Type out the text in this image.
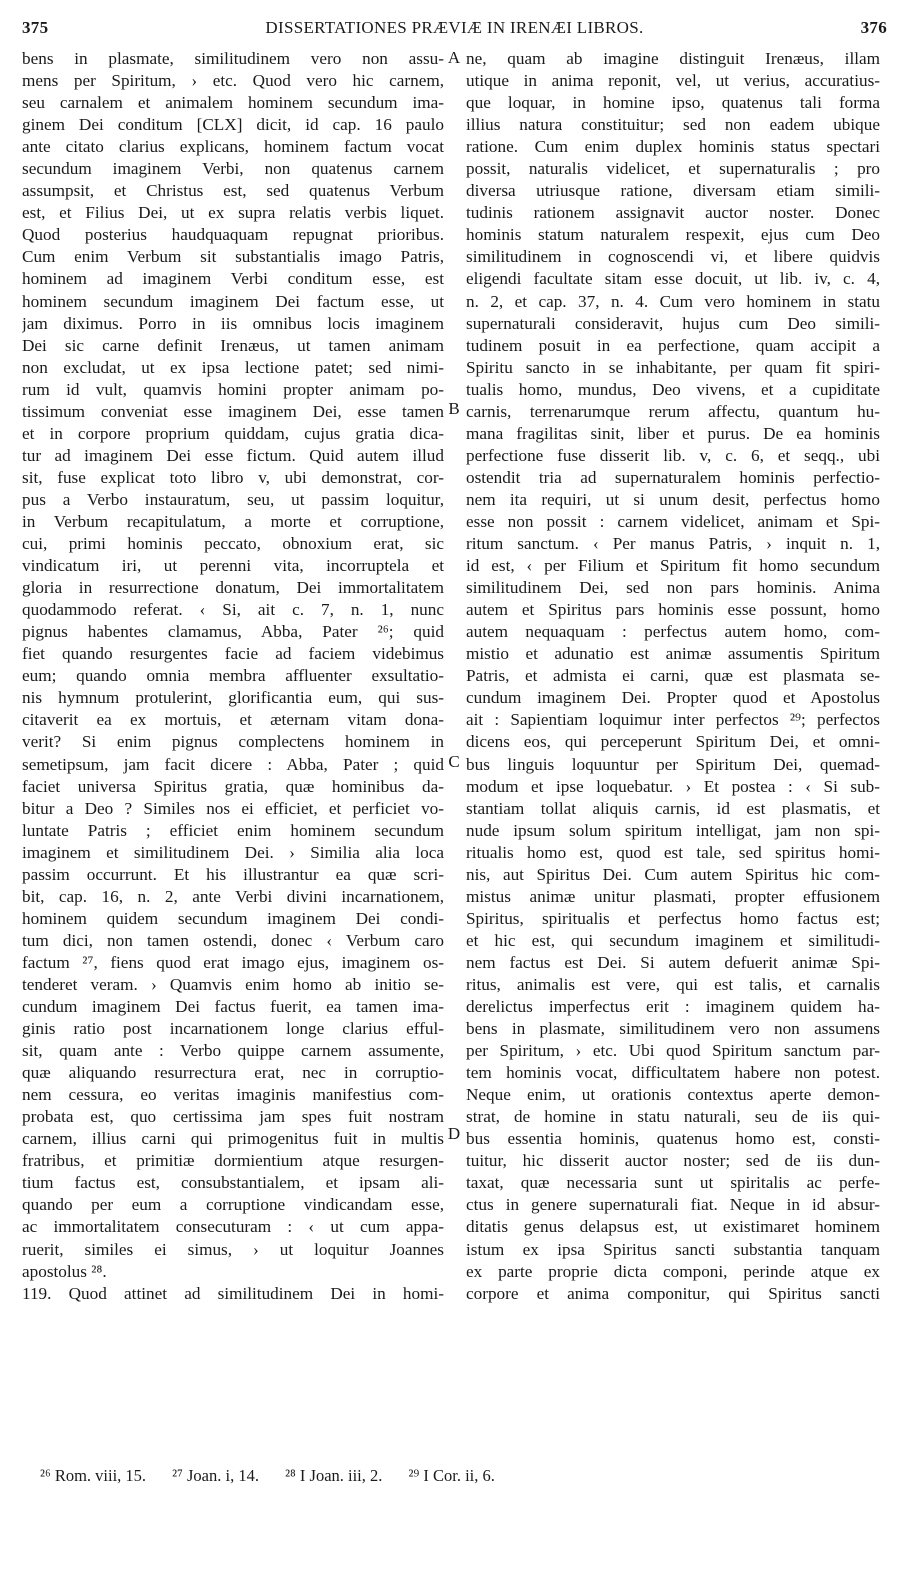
375	DISSERTATIONES PRÆVIÆ IN IRENÆI LIBROS.	376
bens in plasmate, similitudinem vero non assu-
mens per Spiritum, › etc. Quod vero hic carnem,
seu carnalem et animalem hominem secundum ima-
ginem Dei conditum [CLX] dicit, id cap. 16 paulo
ante citato clarius explicans, hominem factum vocat
secundum imaginem Verbi, non quatenus carnem
assumpsit, et Christus est, sed quatenus Verbum
est, et Filius Dei, ut ex supra relatis verbis liquet.
Quod posterius haudquaquam repugnat prioribus.
Cum enim Verbum sit substantialis imago Patris,
hominem ad imaginem Verbi conditum esse, est
hominem secundum imaginem Dei factum esse, ut
jam diximus. Porro in iis omnibus locis imaginem
Dei sic carne definit Irenæus, ut tamen animam
non excludat, ut ex ipsa lectione patet; sed nimi-
rum id vult, quamvis homini propter animam po-
tissimum conveniat esse imaginem Dei, esse tamen
et in corpore proprium quiddam, cujus gratia dica-
tur ad imaginem Dei esse fictum. Quid autem illud
sit, fuse explicat toto libro v, ubi demonstrat, cor-
pus a Verbo instauratum, seu, ut passim loquitur,
in Verbum recapitulatum, a morte et corruptione,
cui, primi hominis peccato, obnoxium erat, sic
vindicatum iri, ut perenni vita, incorruptela et
gloria in resurrectione donatum, Dei immortalitatem
quodammodo referat. ‹ Si, ait c. 7, n. 1, nunc
pignus habentes clamamus, Abba, Pater ²⁶; quid
fiet quando resurgentes facie ad faciem videbimus
eum; quando omnia membra affluenter exsultatio-
nis hymnum protulerint, glorificantia eum, qui sus-
citaverit ea ex mortuis, et æternam vitam dona-
verit? Si enim pignus complectens hominem in
semetipsum, jam facit dicere : Abba, Pater ; quid
faciet universa Spiritus gratia, quæ hominibus da-
bitur a Deo ? Similes nos ei efficiet, et perficiet vo-
luntate Patris ; efficiet enim hominem secundum
imaginem et similitudinem Dei. › Similia alia loca
passim occurrunt. Et his illustrantur ea quæ scri-
bit, cap. 16, n. 2, ante Verbi divini incarnationem,
hominem quidem secundum imaginem Dei condi-
tum dici, non tamen ostendi, donec ‹ Verbum caro
factum ²⁷, fiens quod erat imago ejus, imaginem os-
tenderet veram. › Quamvis enim homo ab initio se-
cundum imaginem Dei factus fuerit, ea tamen ima-
ginis ratio post incarnationem longe clarius efful-
sit, quam ante : Verbo quippe carnem assumente,
quæ aliquando resurrectura erat, nec in corruptio-
nem cessura, eo veritas imaginis manifestius com-
probata est, quo certissima jam spes fuit nostram
carnem, illius carni qui primogenitus fuit in multis
fratribus, et primitiæ dormientium atque resurgen-
tium factus est, consubstantialem, et ipsam ali-
quando per eum a corruptione vindicandam esse,
ac immortalitatem consecuturam : ‹ ut cum appa-
ruerit, similes ei simus, › ut loquitur Joannes
apostolus ²⁸.
119. Quod attinet ad similitudinem Dei in homi-
ne, quam ab imagine distinguit Irenæus, illam
utique in anima reponit, vel, ut verius, accuratius-
que loquar, in homine ipso, quatenus tali forma
illius natura constituitur; sed non eadem ubique
ratione. Cum enim duplex hominis status spectari
possit, naturalis videlicet, et supernaturalis ; pro
diversa utriusque ratione, diversam etiam simili-
tudinis rationem assignavit auctor noster. Donec
hominis statum naturalem respexit, ejus cum Deo
similitudinem in cognoscendi vi, et libere quidvis
eligendi facultate sitam esse docuit, ut lib. iv, c. 4,
n. 2, et cap. 37, n. 4. Cum vero hominem in statu
supernaturali consideravit, hujus cum Deo simili-
tudinem posuit in ea perfectione, quam accipit a
Spiritu sancto in se inhabitante, per quam fit spiri-
tualis homo, mundus, Deo vivens, et a cupiditate
carnis, terrenarumque rerum affectu, quantum hu-
mana fragilitas sinit, liber et purus. De ea hominis
perfectione fuse disserit lib. v, c. 6, et seqq., ubi
ostendit tria ad supernaturalem hominis perfectio-
nem ita requiri, ut si unum desit, perfectus homo
esse non possit : carnem videlicet, animam et Spi-
ritum sanctum. ‹ Per manus Patris, › inquit n. 1,
id est, ‹ per Filium et Spiritum fit homo secundum
similitudinem Dei, sed non pars hominis. Anima
autem et Spiritus pars hominis esse possunt, homo
autem nequaquam : perfectus autem homo, com-
mistio et adunatio est animæ assumentis Spiritum
Patris, et admista ei carni, quæ est plasmata se-
cundum imaginem Dei. Propter quod et Apostolus
ait : Sapientiam loquimur inter perfectos ²⁹; perfectos
dicens eos, qui perceperunt Spiritum Dei, et omni-
bus linguis loquuntur per Spiritum Dei, quemad-
modum et ipse loquebatur. › Et postea : ‹ Si sub-
stantiam tollat aliquis carnis, id est plasmatis, et
nude ipsum solum spiritum intelligat, jam non spi-
ritualis homo est, quod est tale, sed spiritus homi-
nis, aut Spiritus Dei. Cum autem Spiritus hic com-
mistus animæ unitur plasmati, propter effusionem
Spiritus, spiritualis et perfectus homo factus est;
et hic est, qui secundum imaginem et similitudi-
nem factus est Dei. Si autem defuerit animæ Spi-
ritus, animalis est vere, qui est talis, et carnalis
derelictus imperfectus erit : imaginem quidem ha-
bens in plasmate, similitudinem vero non assumens
per Spiritum, › etc. Ubi quod Spiritum sanctum par-
tem hominis vocat, difficultatem habere non potest.
Neque enim, ut orationis contextus aperte demon-
strat, de homine in statu naturali, seu de iis qui-
bus essentia hominis, quatenus homo est, consti-
tuitur, hic disserit auctor noster; sed de iis dun-
taxat, quæ necessaria sunt ut spiritalis ac perfe-
ctus in genere supernaturali fiat. Neque in id absur-
ditatis genus delapsus est, ut existimaret hominem
istum ex ipsa Spiritus sancti substantia tanquam
ex parte proprie dicta componi, perinde atque ex
corpore et anima componitur, qui Spiritus sancti
A
B
C
D
²⁶ Rom. viii, 15. ²⁷ Joan. i, 14. ²⁸ I Joan. iii, 2. ²⁹ I Cor. ii, 6.
